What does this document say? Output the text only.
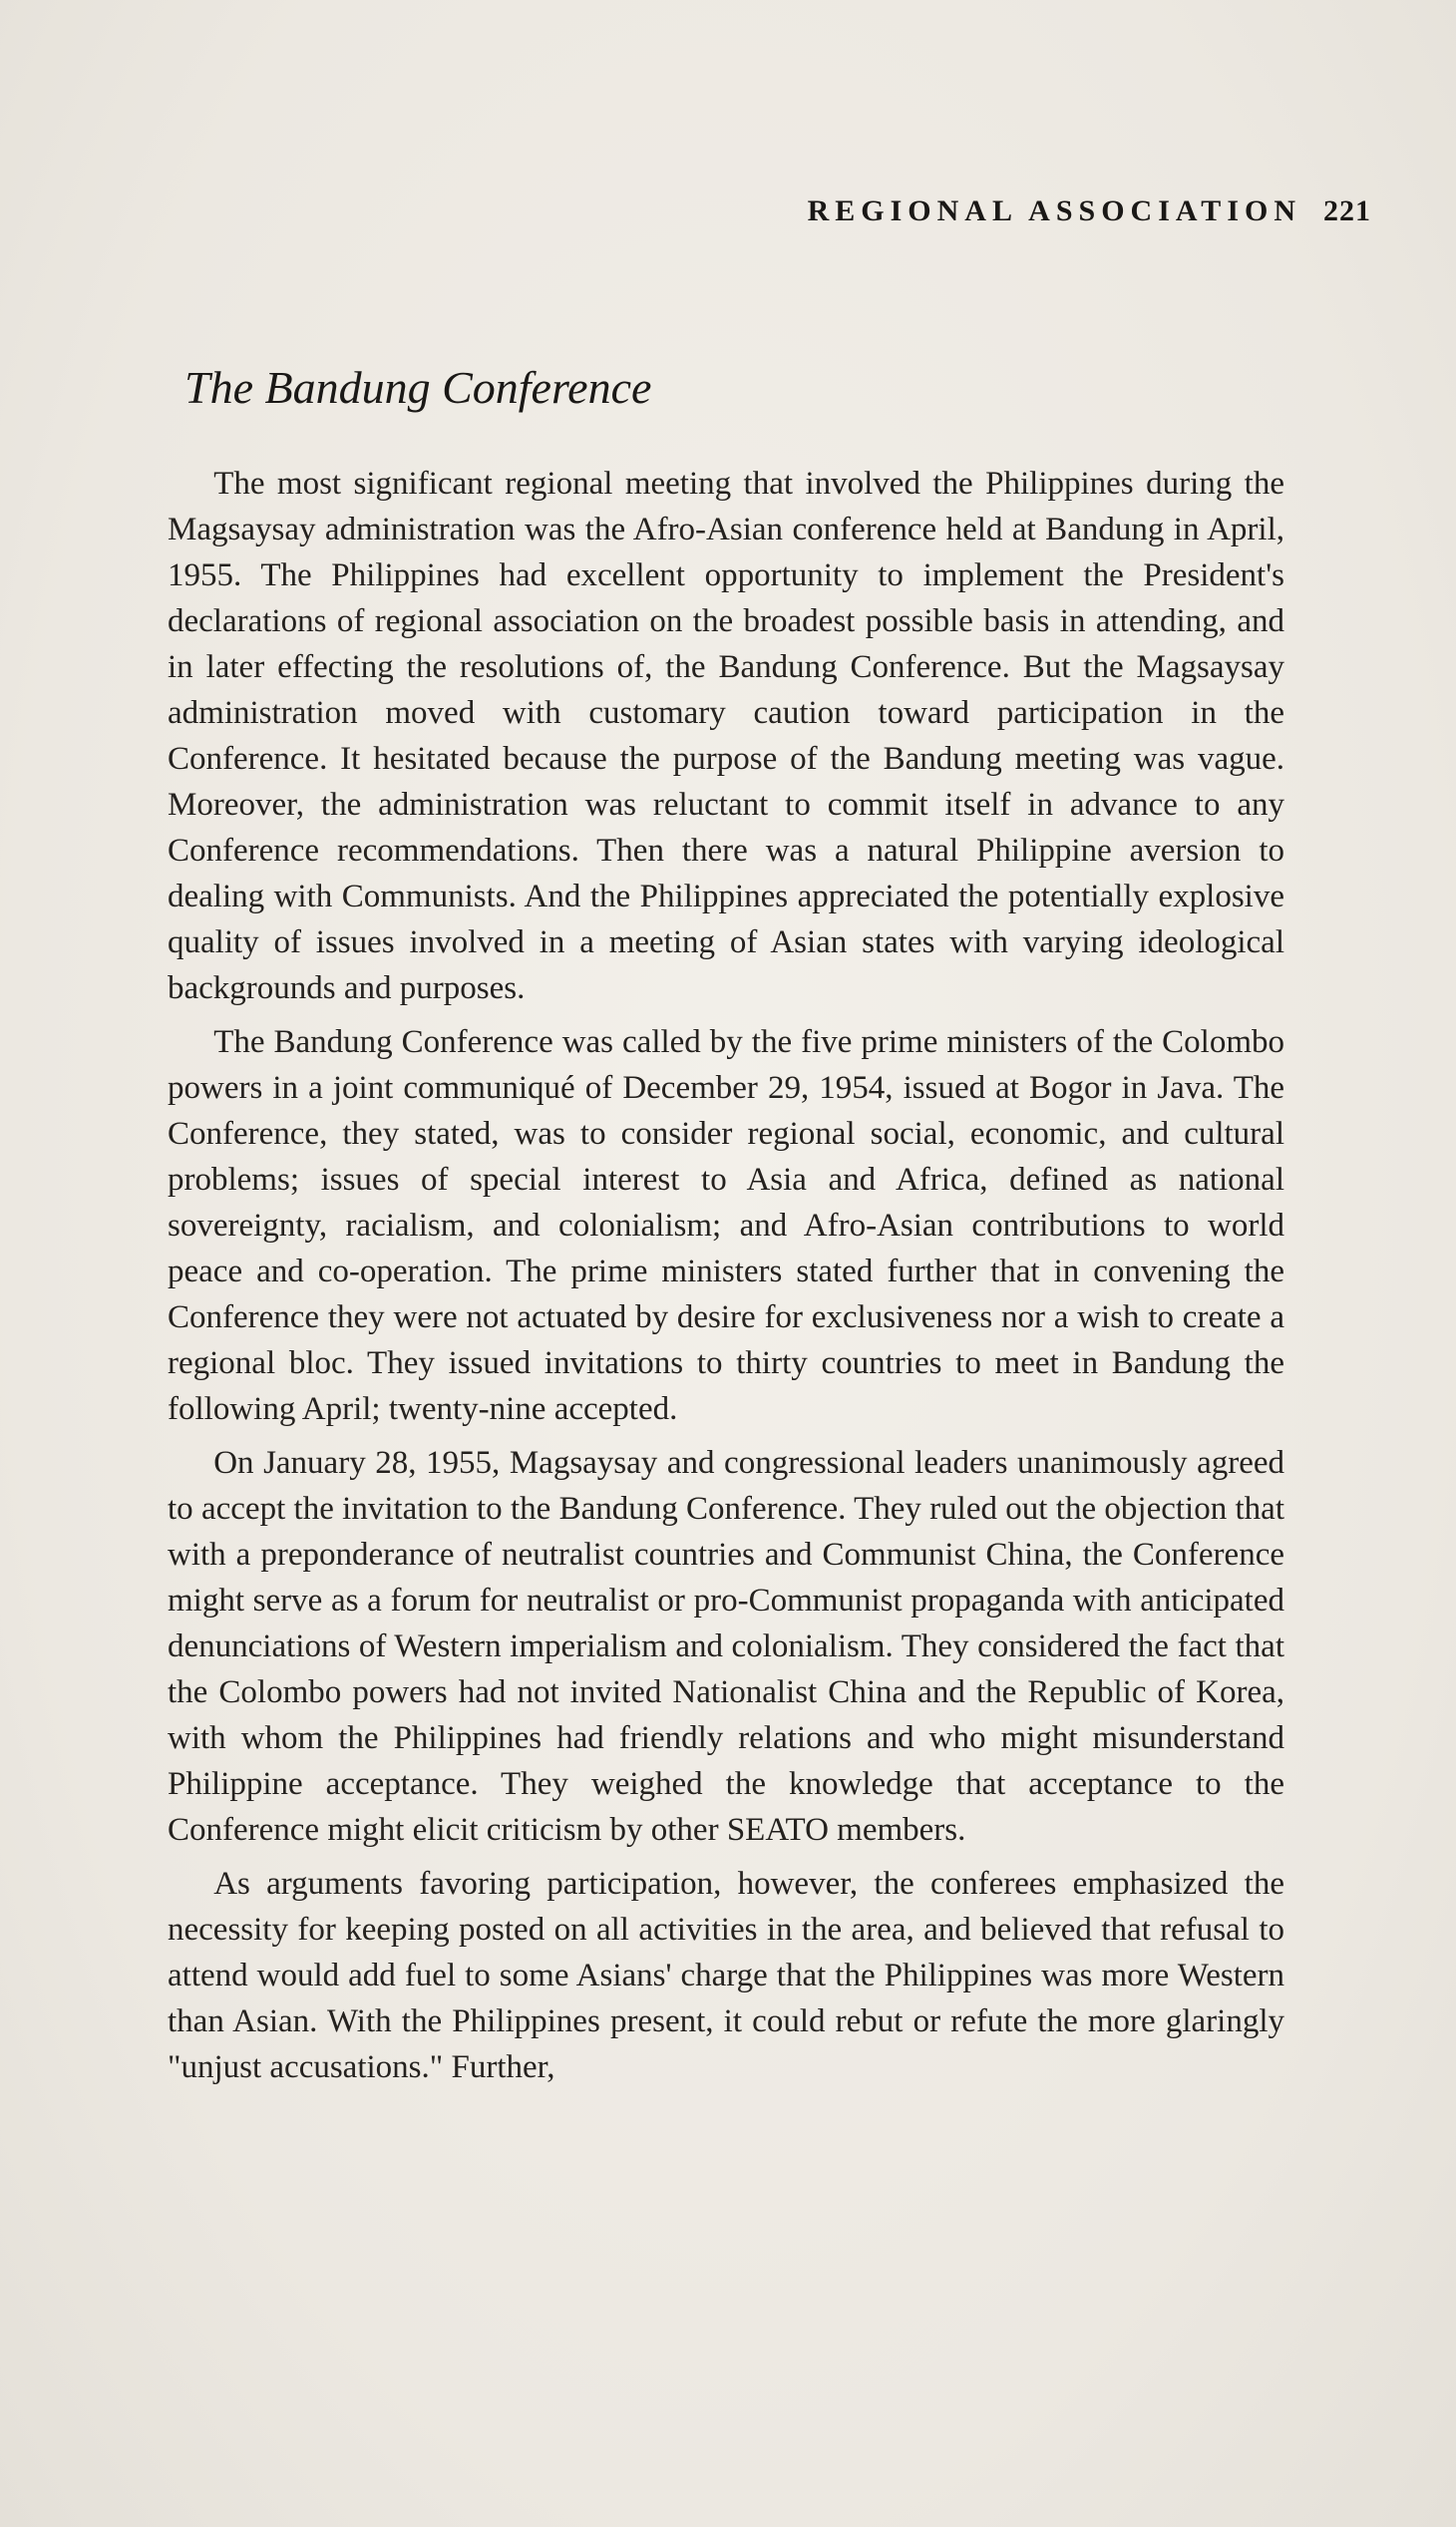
REGIONAL ASSOCIATION 221
The Bandung Conference

The most significant regional meeting that involved the Philippines during the Magsaysay administration was the Afro-Asian conference held at Bandung in April, 1955. The Philippines had excellent opportunity to implement the President's declarations of regional association on the broadest possible basis in attending, and in later effecting the resolutions of, the Bandung Conference. But the Magsaysay administration moved with customary caution toward participation in the Conference. It hesitated because the purpose of the Bandung meeting was vague. Moreover, the administration was reluctant to commit itself in advance to any Conference recommendations. Then there was a natural Philippine aversion to dealing with Communists. And the Philippines appreciated the potentially explosive quality of issues involved in a meeting of Asian states with varying ideological backgrounds and purposes.

The Bandung Conference was called by the five prime ministers of the Colombo powers in a joint communiqué of December 29, 1954, issued at Bogor in Java. The Conference, they stated, was to consider regional social, economic, and cultural problems; issues of special interest to Asia and Africa, defined as national sovereignty, racialism, and colonialism; and Afro-Asian contributions to world peace and co-operation. The prime ministers stated further that in convening the Conference they were not actuated by desire for exclusiveness nor a wish to create a regional bloc. They issued invitations to thirty countries to meet in Bandung the following April; twenty-nine accepted.

On January 28, 1955, Magsaysay and congressional leaders unanimously agreed to accept the invitation to the Bandung Conference. They ruled out the objection that with a preponderance of neutralist countries and Communist China, the Conference might serve as a forum for neutralist or pro-Communist propaganda with anticipated denunciations of Western imperialism and colonialism. They considered the fact that the Colombo powers had not invited Nationalist China and the Republic of Korea, with whom the Philippines had friendly relations and who might misunderstand Philippine acceptance. They weighed the knowledge that acceptance to the Conference might elicit criticism by other SEATO members.

As arguments favoring participation, however, the conferees emphasized the necessity for keeping posted on all activities in the area, and believed that refusal to attend would add fuel to some Asians' charge that the Philippines was more Western than Asian. With the Philippines present, it could rebut or refute the more glaringly "unjust accusations." Further,
